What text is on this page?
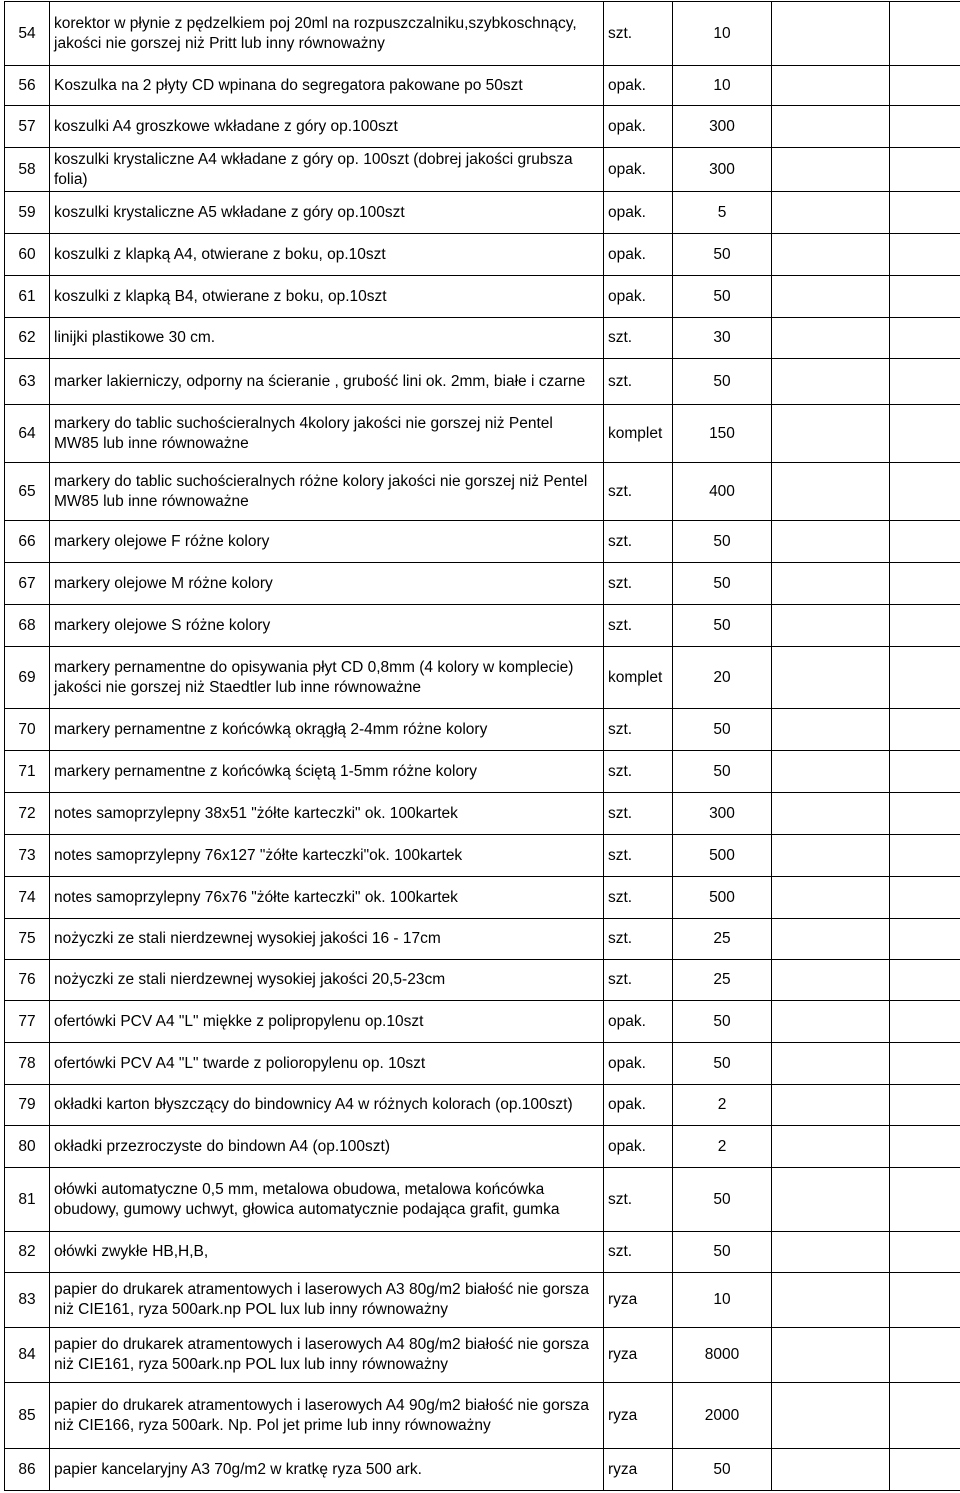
54	korektor w płynie z pędzelkiem poj 20ml na rozpuszczalniku,szybkoschnący, jakości nie gorszej niż Pritt lub inny równoważny	szt.	10		
56	Koszulka na 2 płyty CD wpinana do segregatora pakowane po 50szt	opak.	10		
57	koszulki A4 groszkowe wkładane z góry op.100szt	opak.	300		
58	koszulki krystaliczne A4 wkładane z góry op. 100szt (dobrej jakości grubsza folia)	opak.	300		
59	koszulki krystaliczne A5 wkładane z góry op.100szt	opak.	5		
60	koszulki z klapką A4, otwierane z boku, op.10szt	opak.	50		
61	koszulki z klapką B4, otwierane z boku, op.10szt	opak.	50		
62	linijki plastikowe 30 cm.	szt.	30		
63	marker lakierniczy, odporny na ścieranie , grubość lini ok. 2mm, białe i czarne	szt.	50		
64	markery do tablic suchościeralnych 4kolory jakości nie gorszej niż Pentel MW85 lub inne równoważne	komplet	150		
65	markery do tablic suchościeralnych różne kolory jakości nie gorszej niż Pentel MW85 lub inne równoważne	szt.	400		
66	markery olejowe F różne kolory	szt.	50		
67	markery olejowe M różne kolory	szt.	50		
68	markery olejowe S różne kolory	szt.	50		
69	markery pernamentne do opisywania płyt CD 0,8mm (4 kolory w komplecie) jakości nie gorszej niż Staedtler lub inne równoważne	komplet	20		
70	markery pernamentne z końcówką okrągłą 2-4mm różne kolory	szt.	50		
71	markery pernamentne z końcówką ściętą 1-5mm różne kolory	szt.	50		
72	notes samoprzylepny 38x51 "żółte karteczki" ok. 100kartek	szt.	300		
73	notes samoprzylepny 76x127 "żółte karteczki"ok. 100kartek	szt.	500		
74	notes samoprzylepny 76x76 "żółte karteczki" ok. 100kartek	szt.	500		
75	nożyczki ze stali nierdzewnej wysokiej jakości 16 - 17cm	szt.	25		
76	nożyczki ze stali nierdzewnej wysokiej jakości 20,5-23cm	szt.	25		
77	ofertówki PCV A4 "L" miękke z polipropylenu op.10szt	opak.	50		
78	ofertówki PCV A4 "L" twarde z polioropylenu op. 10szt	opak.	50		
79	okładki karton błyszczący do bindownicy A4 w różnych kolorach (op.100szt)	opak.	2		
80	okładki przezroczyste do bindown A4 (op.100szt)	opak.	2		
81	ołówki automatyczne 0,5 mm, metalowa obudowa, metalowa końcówka obudowy, gumowy uchwyt, głowica automatycznie podająca grafit, gumka	szt.	50		
82	ołówki zwykłe HB,H,B,	szt.	50		
83	papier do drukarek atramentowych i laserowych A3 80g/m2 białość nie gorsza niż CIE161, ryza 500ark.np POL lux lub inny równoważny	ryza	10		
84	papier do drukarek atramentowych i laserowych A4 80g/m2 białość nie gorsza niż CIE161, ryza 500ark.np POL lux lub inny równoważny	ryza	8000		
85	papier do drukarek atramentowych i laserowych A4 90g/m2 białość nie gorsza niż CIE166, ryza 500ark. Np. Pol jet prime lub inny równoważny	ryza	2000		
86	papier kancelaryjny A3 70g/m2 w kratkę ryza 500 ark.	ryza	50		
